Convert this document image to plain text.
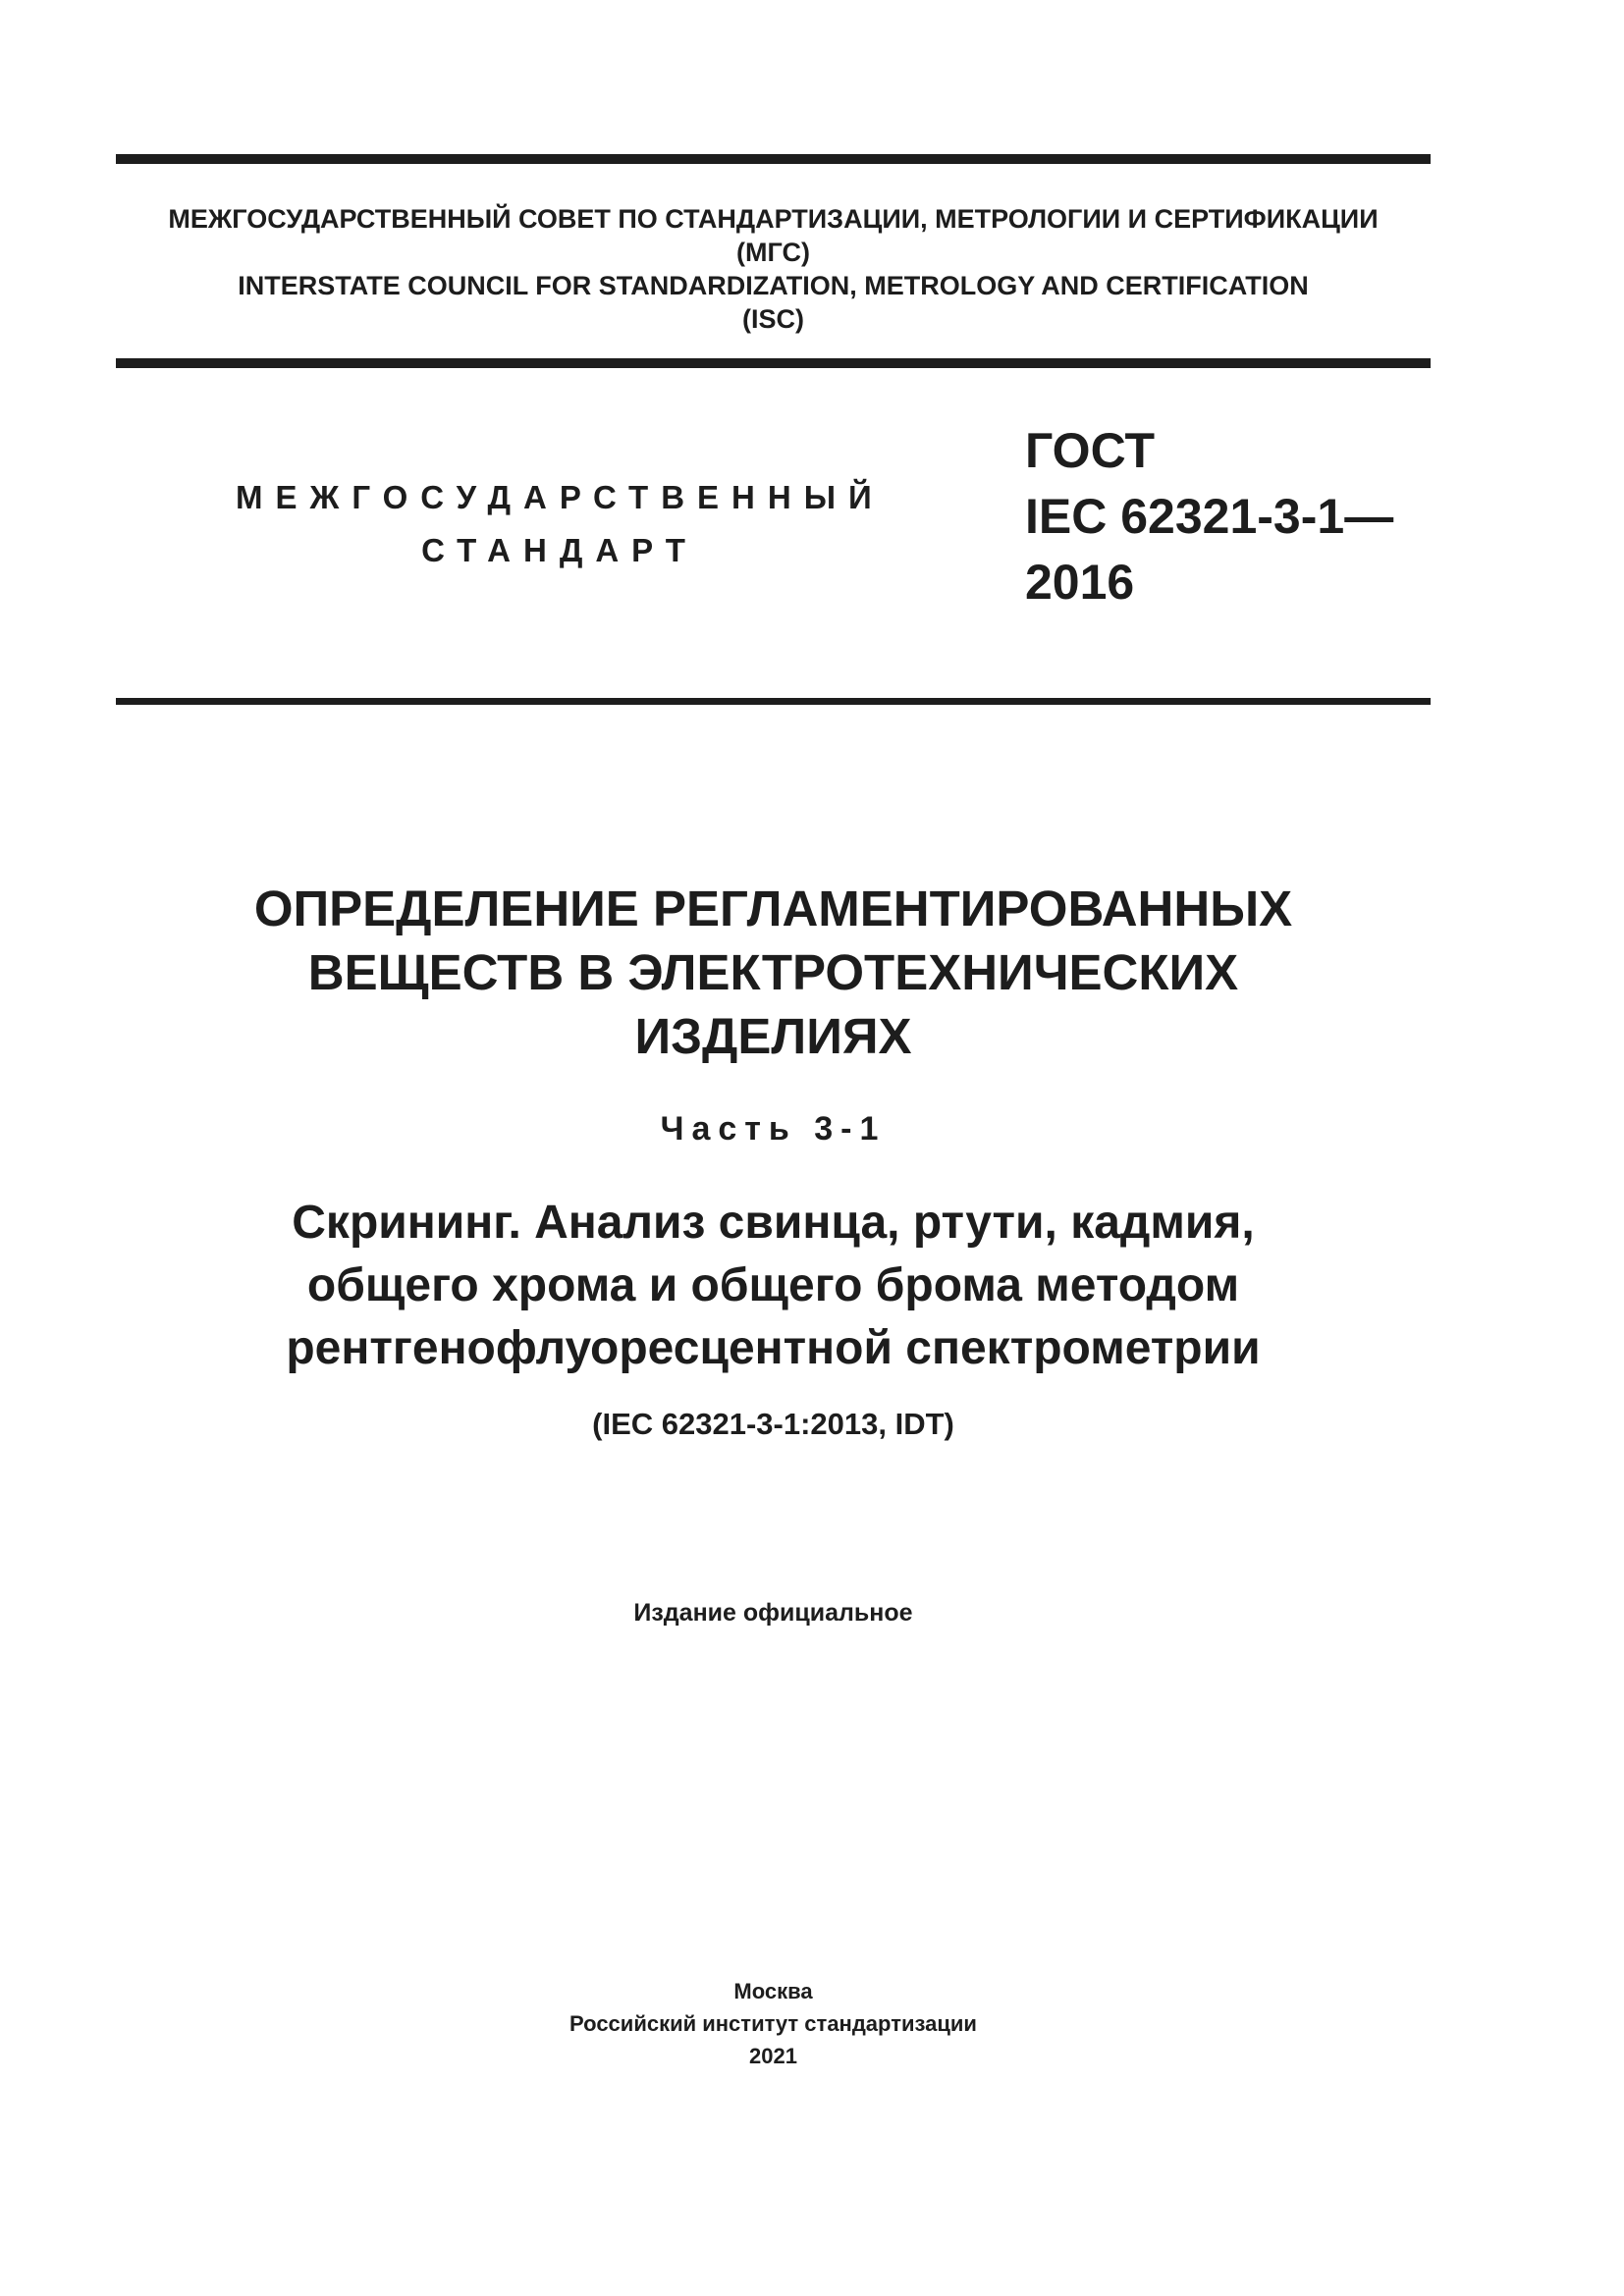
МЕЖГОСУДАРСТВЕННЫЙ СОВЕТ ПО СТАНДАРТИЗАЦИИ, МЕТРОЛОГИИ И СЕРТИФИКАЦИИ
(МГС)
INTERSTATE COUNCIL FOR STANDARDIZATION, METROLOGY AND CERTIFICATION
(ISC)
МЕЖГОСУДАРСТВЕННЫЙ
СТАНДАРТ
ГОСТ
IEC 62321-3-1—
2016
ОПРЕДЕЛЕНИЕ РЕГЛАМЕНТИРОВАННЫХ
ВЕЩЕСТВ В ЭЛЕКТРОТЕХНИЧЕСКИХ
ИЗДЕЛИЯХ
Часть 3-1
Скрининг. Анализ свинца, ртути, кадмия,
общего хрома и общего брома методом
рентгенофлуоресцентной спектрометрии
(IEC 62321-3-1:2013, IDT)
Издание официальное
Москва
Российский институт стандартизации
2021
